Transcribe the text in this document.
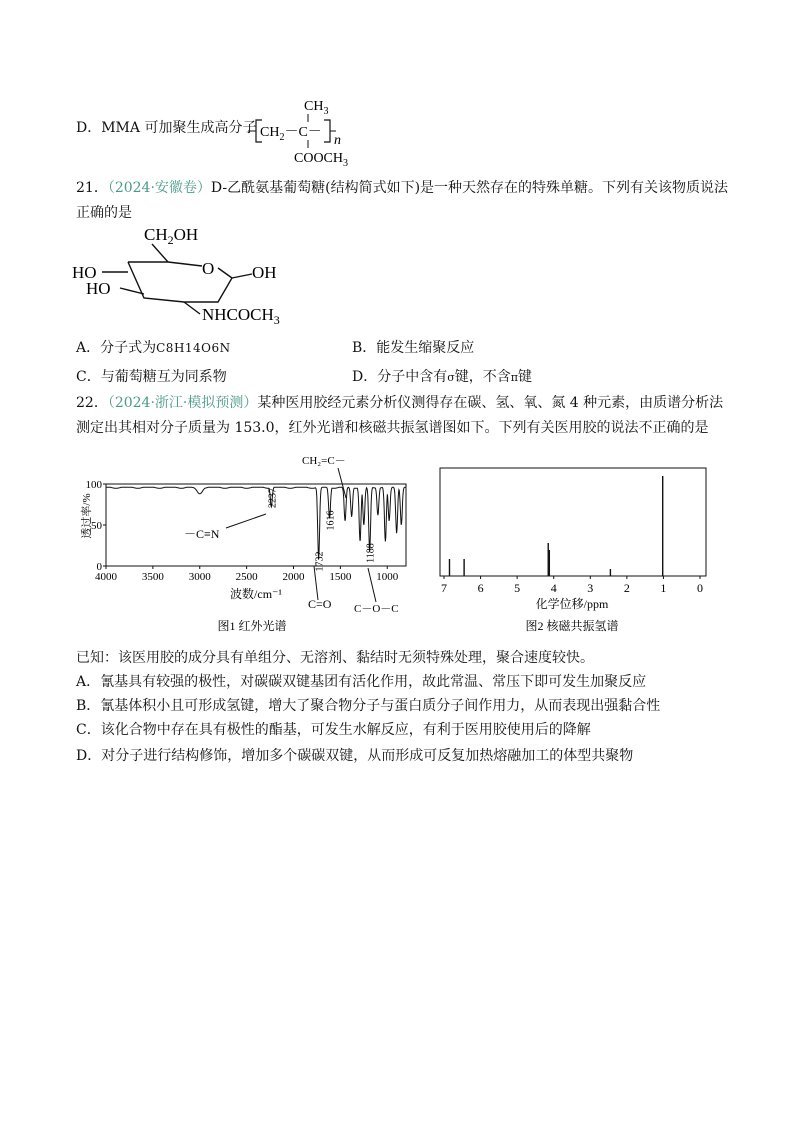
D．MMA 可加聚生成高分子
$CH_3$
$CH_2-C-$
n
$COOCH_3$
21．（2024·安徽卷）D-乙酰氨基葡萄糖(结构简式如下)是一种天然存在的特殊单糖。下列有关该物质说法
正确的是
$CH_2OH$
O OH
HO
HO
$NHCOCH_3$
A．分子式为C8H14O6N	B．能发生缩聚反应
C．与葡萄糖互为同系物	D．分子中含有σ键，不含π键
22．（2024·浙江·模拟预测）某种医用胶经元素分析仪测得存在碳、氢、氧、氮 4 种元素，由质谱分析法
测定出其相对分子质量为 153.0，红外光谱和核磁共振氢谱图如下。下列有关医用胶的说法不正确的是
4000 3500 3000 2500 2000 1500 1000
0
50
100
2237
1732
1616
1188
－C≡N
C=O C－O－C
CH₂=C－
波数/cm⁻¹
透过率/%
图1 红外光谱
7	6	5	4	3	2	1	0
化学位移/ppm
图2 核磁共振氢谱
已知：该医用胶的成分具有单组分、无溶剂、黏结时无须特殊处理，聚合速度较快。
A．氰基具有较强的极性，对碳碳双键基团有活化作用，故此常温、常压下即可发生加聚反应
B．氰基体积小且可形成氢键，增大了聚合物分子与蛋白质分子间作用力，从而表现出强黏合性
C．该化合物中存在具有极性的酯基，可发生水解反应，有利于医用胶使用后的降解
D．对分子进行结构修饰，增加多个碳碳双键，从而形成可反复加热熔融加工的体型共聚物
